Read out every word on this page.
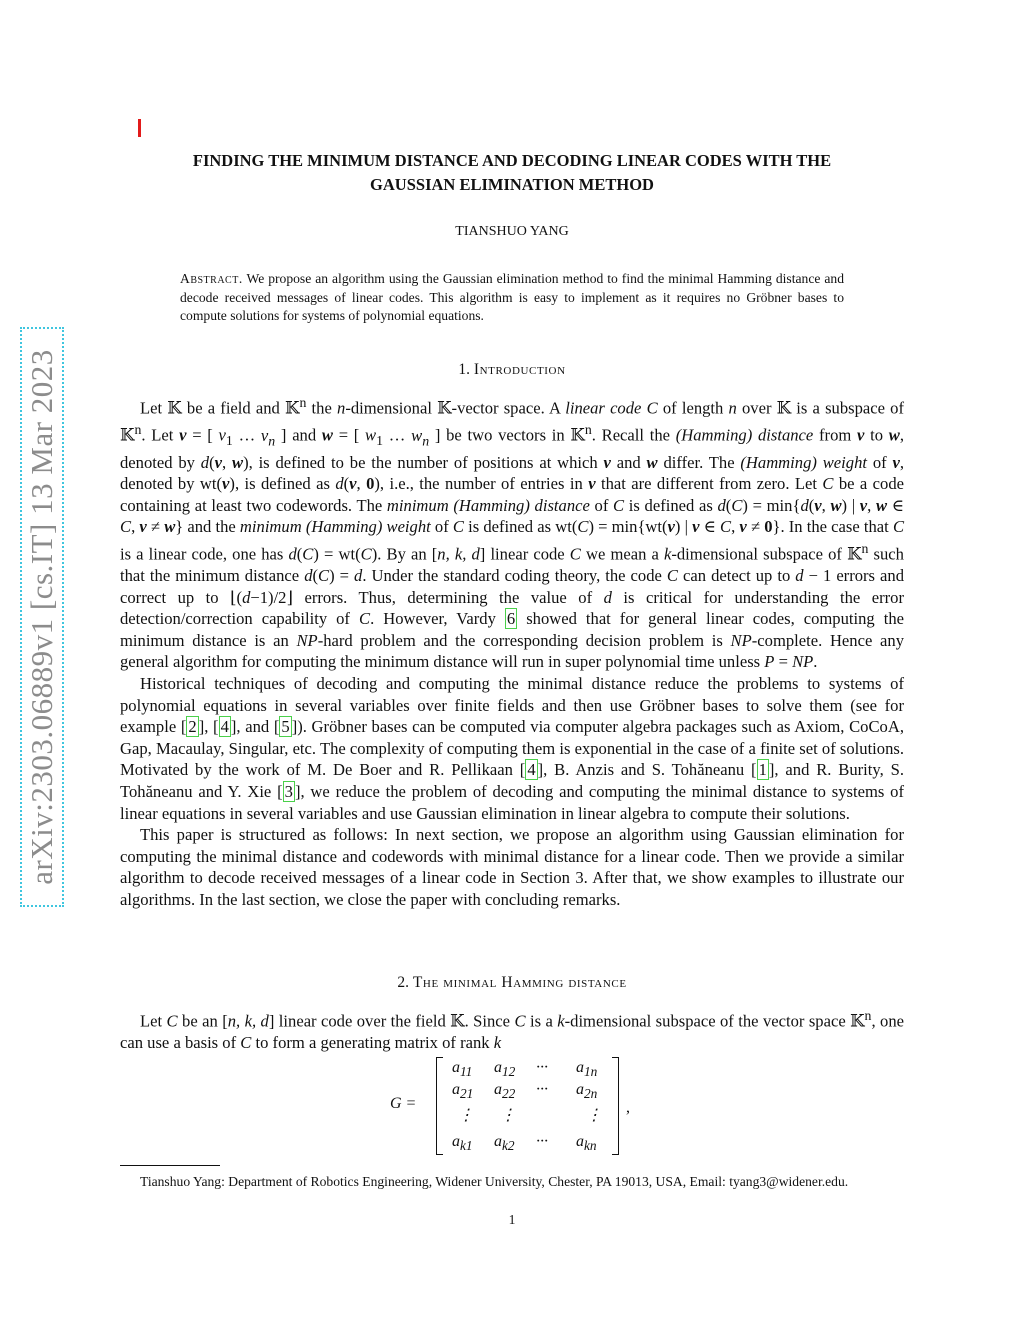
arXiv:2303.06889v1 [cs.IT] 13 Mar 2023
FINDING THE MINIMUM DISTANCE AND DECODING LINEAR CODES WITH THE
GAUSSIAN ELIMINATION METHOD
TIANSHUO YANG
Abstract. We propose an algorithm using the Gaussian elimination method to find the minimal Hamming distance and decode received messages of linear codes. This algorithm is easy to implement as it requires no Gröbner bases to compute solutions for systems of polynomial equations.
1. Introduction

Let 𝕂 be a field and 𝕂$^n$ the n-dimensional 𝕂-vector space. A linear code C of length n over 𝕂 is a subspace of 𝕂$^n$. Let v = [ $v_1$ … $v_n$ ] and w = [ $w_1$ … $w_n$ ] be two vectors in 𝕂$^n$. Recall the (Hamming) distance from v to w, denoted by d(v, w), is defined to be the number of positions at which v and w differ. The (Hamming) weight of v, denoted by wt(v), is defined as d(v, 0), i.e., the number of entries in v that are different from zero. Let C be a code containing at least two codewords. The minimum (Hamming) distance of C is defined as d(C) = min{d(v, w) | v, w ∈ C, v ≠ w} and the minimum (Hamming) weight of C is defined as wt(C) = min{wt(v) | v ∈ C, v ≠ 0}. In the case that C is a linear code, one has d(C) = wt(C). By an [n, k, d] linear code C we mean a k-dimensional subspace of 𝕂$^n$ such that the minimum distance d(C) = d. Under the standard coding theory, the code C can detect up to d − 1 errors and correct up to ⌊(d−1)/2⌋ errors. Thus, determining the value of d is critical for understanding the error detection/correction capability of C. However, Vardy 6 showed that for general linear codes, computing the minimum distance is an NP-hard problem and the corresponding decision problem is NP-complete. Hence any general algorithm for computing the minimum distance will run in super polynomial time unless P = NP.

Historical techniques of decoding and computing the minimal distance reduce the problems to systems of polynomial equations in several variables over finite fields and then use Gröbner bases to solve them (see for example [ 2 ], [ 4 ], and [ 5 ]). Gröbner bases can be computed via computer algebra packages such as Axiom, CoCoA, Gap, Macaulay, Singular, etc. The complexity of computing them is exponential in the case of a finite set of solutions. Motivated by the work of M. De Boer and R. Pellikaan [ 4 ], B. Anzis and S. Tohăneanu [ 1 ], and R. Burity, S. Tohăneanu and Y. Xie [ 3 ], we reduce the problem of decoding and computing the minimal distance to systems of linear equations in several variables and use Gaussian elimination in linear algebra to compute their solutions.

This paper is structured as follows: In next section, we propose an algorithm using Gaussian elimination for computing the minimal distance and codewords with minimal distance for a linear code. Then we provide a similar algorithm to decode received messages of a linear code in Section 3. After that, we show examples to illustrate our algorithms. In the last section, we close the paper with concluding remarks.

2. The minimal Hamming distance

Let C be an [n, k, d] linear code over the field 𝕂. Since C is a k-dimensional subspace of the vector space 𝕂$^n$, one can use a basis of C to form a generating matrix of rank k

G =	,
$a_{11}$ $a_{12}$ ··· $a_{1n}$
$a_{21}$ $a_{22}$ ··· $a_{2n}$
⋮ ⋮	⋮
$a_{k1}$ $a_{k2}$ ··· $a_{kn}$
Tianshuo Yang: Department of Robotics Engineering, Widener University, Chester, PA 19013, USA, Email: tyang3@widener.edu.
1
